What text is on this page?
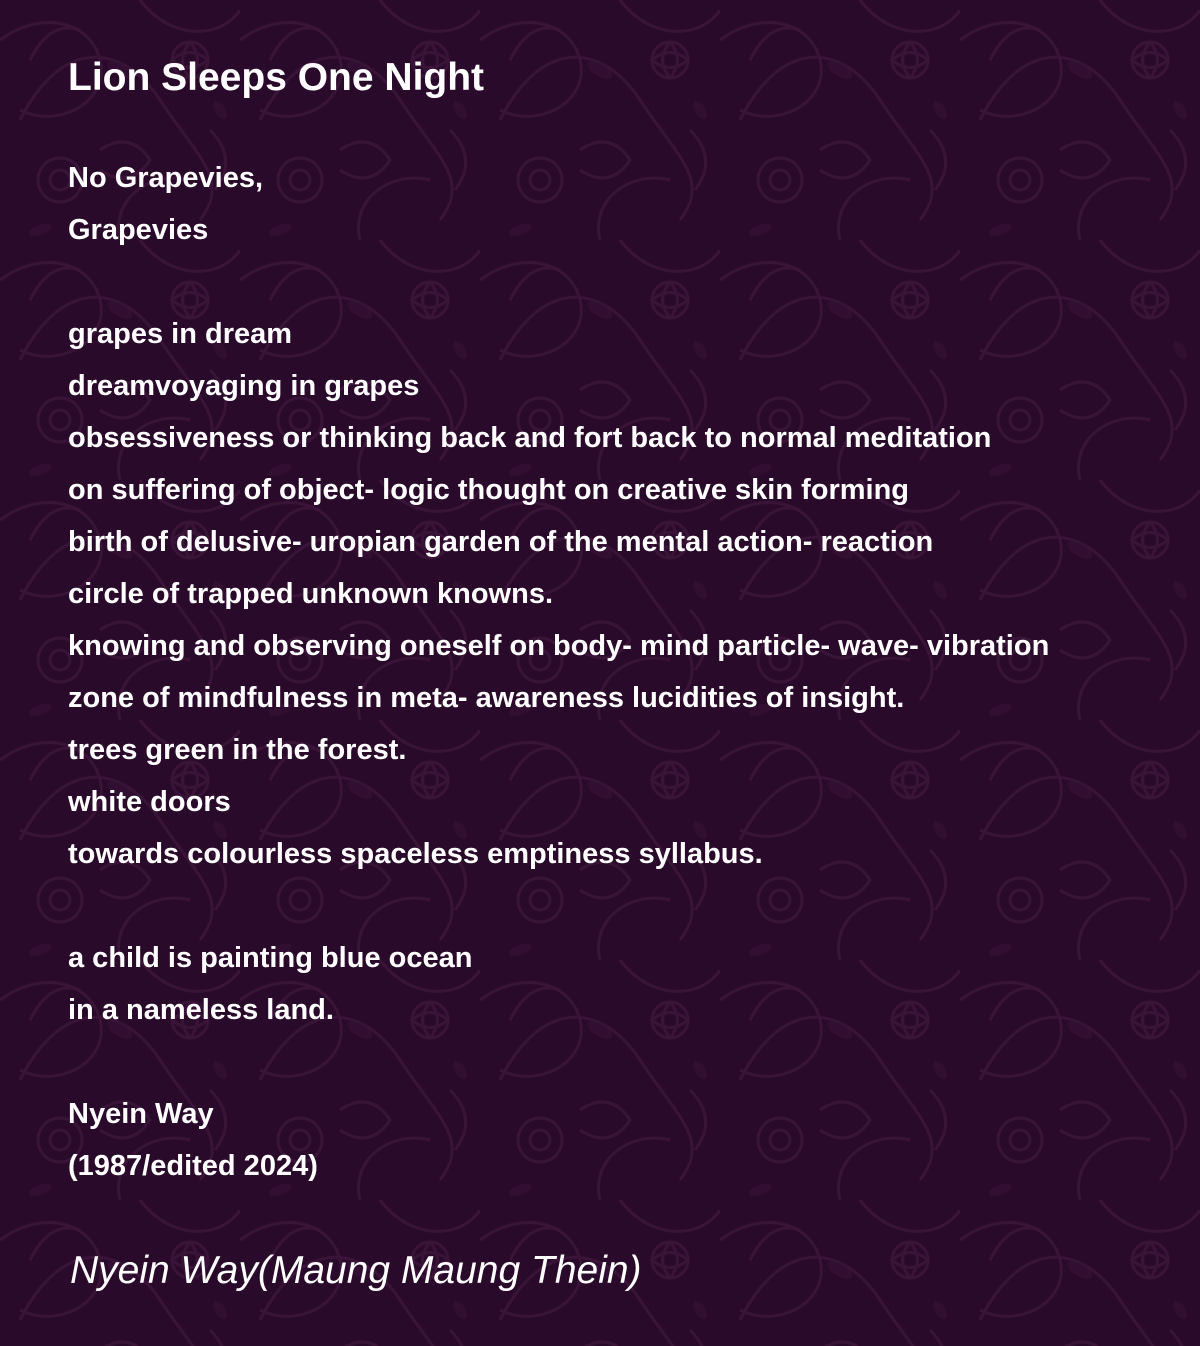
Lion Sleeps One Night
No Grapevies,
Grapevies
grapes in dream
dreamvoyaging in grapes
obsessiveness or thinking back and fort back to normal meditation
on suffering of object- logic thought on creative skin forming
birth of delusive- uropian garden of the mental action- reaction
circle of trapped unknown knowns.
knowing and observing oneself on body- mind particle- wave- vibration
zone of mindfulness in meta- awareness lucidities of insight.
trees green in the forest.
white doors
towards colourless spaceless emptiness syllabus.
a child is painting blue ocean
in a nameless land.
Nyein Way
(1987/edited 2024)
Nyein Way(Maung Maung Thein)
